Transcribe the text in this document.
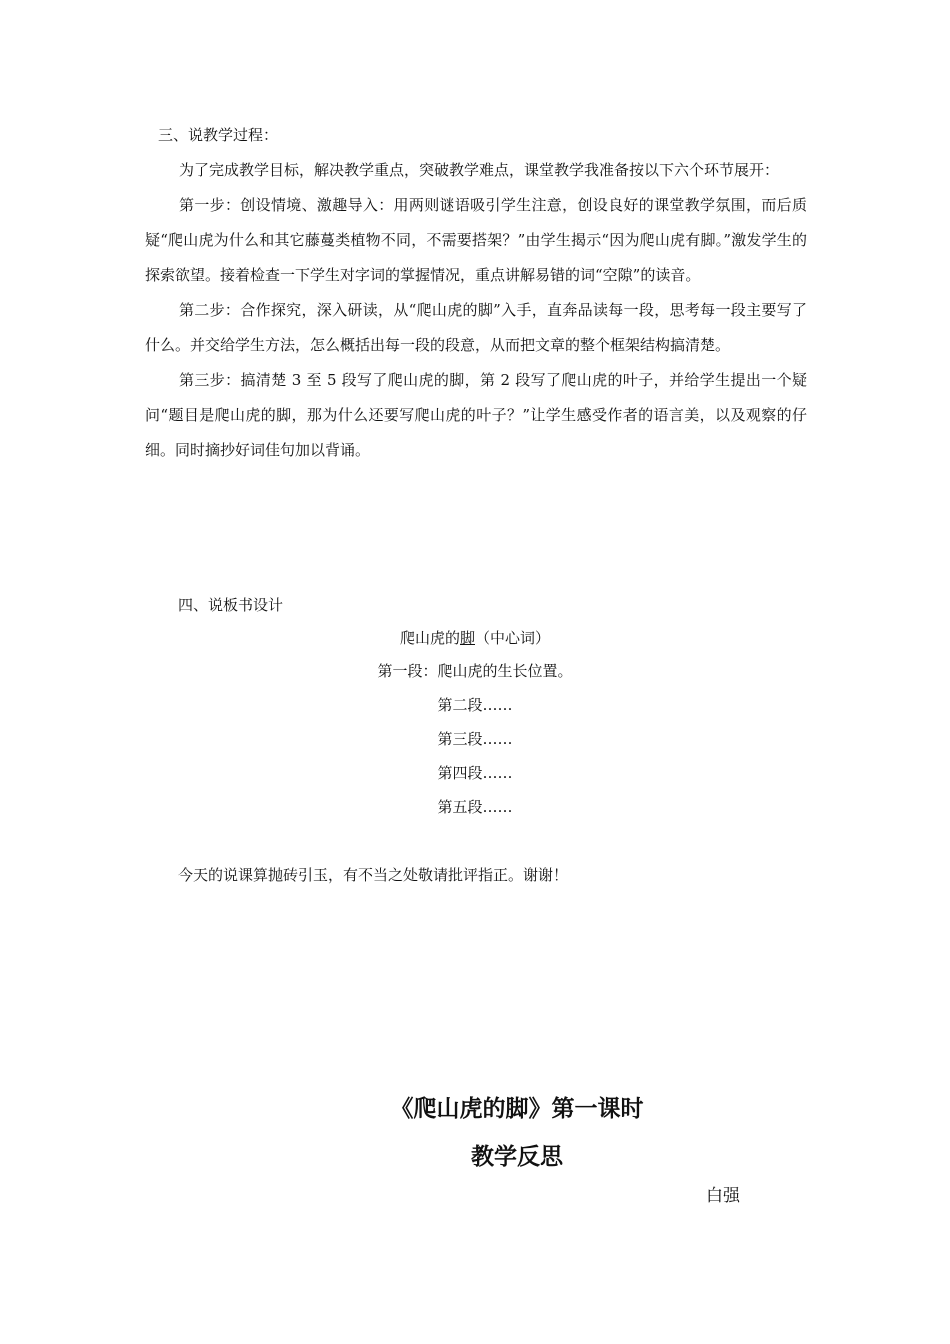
三、说教学过程：

为了完成教学目标，解决教学重点，突破教学难点，课堂教学我准备按以下六个环节展开：

第一步：创设情境、激趣导入：用两则谜语吸引学生注意，创设良好的课堂教学氛围，而后质疑“爬山虎为什么和其它藤蔓类植物不同，不需要搭架？”由学生揭示“因为爬山虎有脚。”激发学生的探索欲望。接着检查一下学生对字词的掌握情况，重点讲解易错的词“空隙”的读音。

第二步：合作探究，深入研读，从“爬山虎的脚”入手，直奔品读每一段，思考每一段主要写了什么。并交给学生方法，怎么概括出每一段的段意，从而把文章的整个框架结构搞清楚。

第三步：搞清楚 3 至 5 段写了爬山虎的脚，第 2 段写了爬山虎的叶子，并给学生提出一个疑问“题目是爬山虎的脚，那为什么还要写爬山虎的叶子？”让学生感受作者的语言美，以及观察的仔细。同时摘抄好词佳句加以背诵。

四、说板书设计
爬山虎的脚（中心词）
第一段：爬山虎的生长位置。
第二段……
第三段……
第四段……
第五段……
今天的说课算抛砖引玉，有不当之处敬请批评指正。谢谢！
《爬山虎的脚》第一课时
教学反思
白强
